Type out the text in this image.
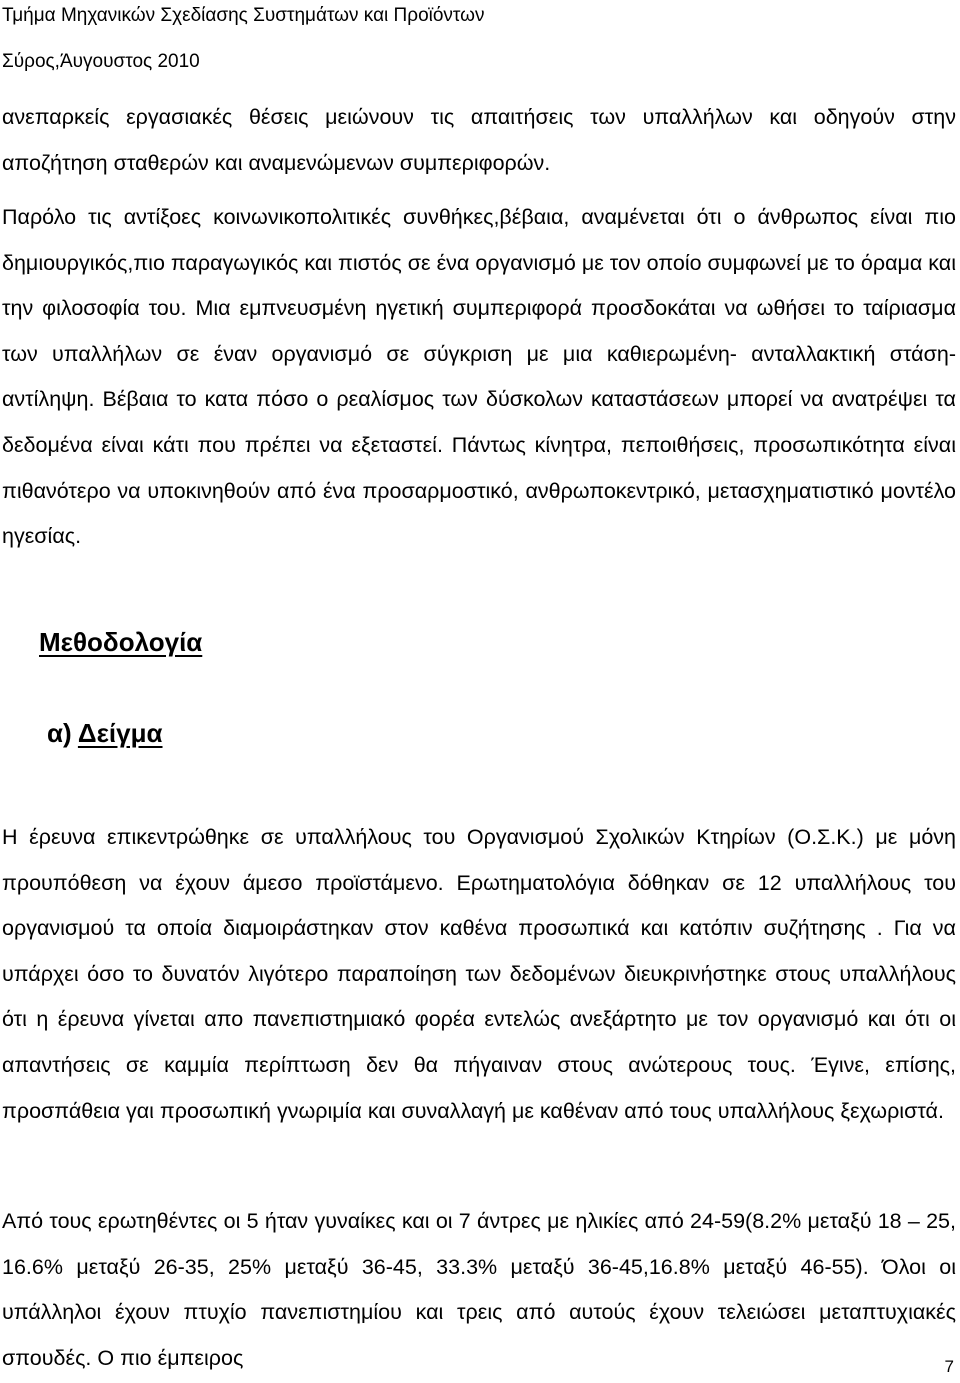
Τμήμα Μηχανικών Σχεδίασης Συστημάτων και Προϊόντων
Σύρος,Άυγουστος 2010

ανεπαρκείς εργασιακές θέσεις μειώνουν τις απαιτήσεις των υπαλλήλων και οδηγούν στην αποζήτηση σταθερών και αναμενώμενων συμπεριφορών.

Παρόλο τις αντίξοες κοινωνικοπολιτικές συνθήκες,βέβαια, αναμένεται ότι ο άνθρωπος είναι πιο δημιουργικός,πιο παραγωγικός και πιστός σε ένα οργανισμό με τον οποίο συμφωνεί με το όραμα και την φιλοσοφία του. Μια εμπνευσμένη ηγετική συμπεριφορά προσδοκάται να ωθήσει το ταίριασμα των υπαλλήλων σε έναν οργανισμό σε σύγκριση με μια καθιερωμένη- ανταλλακτική στάση-αντίληψη. Βέβαια το κατα πόσο ο ρεαλίσμος των δύσκολων καταστάσεων μπορεί να ανατρέψει τα δεδομένα είναι κάτι που πρέπει να εξεταστεί. Πάντως κίνητρα, πεποιθήσεις, προσωπικότητα είναι πιθανότερο να υποκινηθούν από ένα προσαρμοστικό, ανθρωποκεντρικό, μετασχηματιστικό μοντέλο ηγεσίας.

Μεθοδολογία
α) Δείγμα

Η έρευνα επικεντρώθηκε σε υπαλλήλους του Οργανισμού Σχολικών Κτηρίων (Ο.Σ.Κ.) με μόνη προυπόθεση να έχουν άμεσο προϊστάμενο. Ερωτηματολόγια δόθηκαν σε 12 υπαλλήλους του οργανισμού τα οποία διαμοιράστηκαν στον καθένα προσωπικά και κατόπιν συζήτησης . Για να υπάρχει όσο το δυνατόν λιγότερο παραποίηση των δεδομένων διευκρινήστηκε στους υπαλλήλους ότι η έρευνα γίνεται απο πανεπιστημιακό φορέα εντελώς ανεξάρτητο με τον οργανισμό και ότι οι απαντήσεις σε καμμία περίπτωση δεν θα πήγαιναν στους ανώτερους τους. Έγινε, επίσης, προσπάθεια γαι προσωπική γνωριμία και συναλλαγή με καθέναν από τους υπαλλήλους ξεχωριστά.

Από τους ερωτηθέντες οι 5 ήταν γυναίκες και οι 7 άντρες με ηλικίες από 24-59(8.2% μεταξύ 18 – 25, 16.6% μεταξύ 26-35, 25% μεταξύ 36-45, 33.3% μεταξύ 36-45,16.8% μεταξύ 46-55). Όλοι οι υπάλληλοι έχουν πτυχίο πανεπιστημίου και τρεις από αυτούς έχουν τελειώσει μεταπτυχιακές σπουδές. Ο πιο έμπειρος	7
